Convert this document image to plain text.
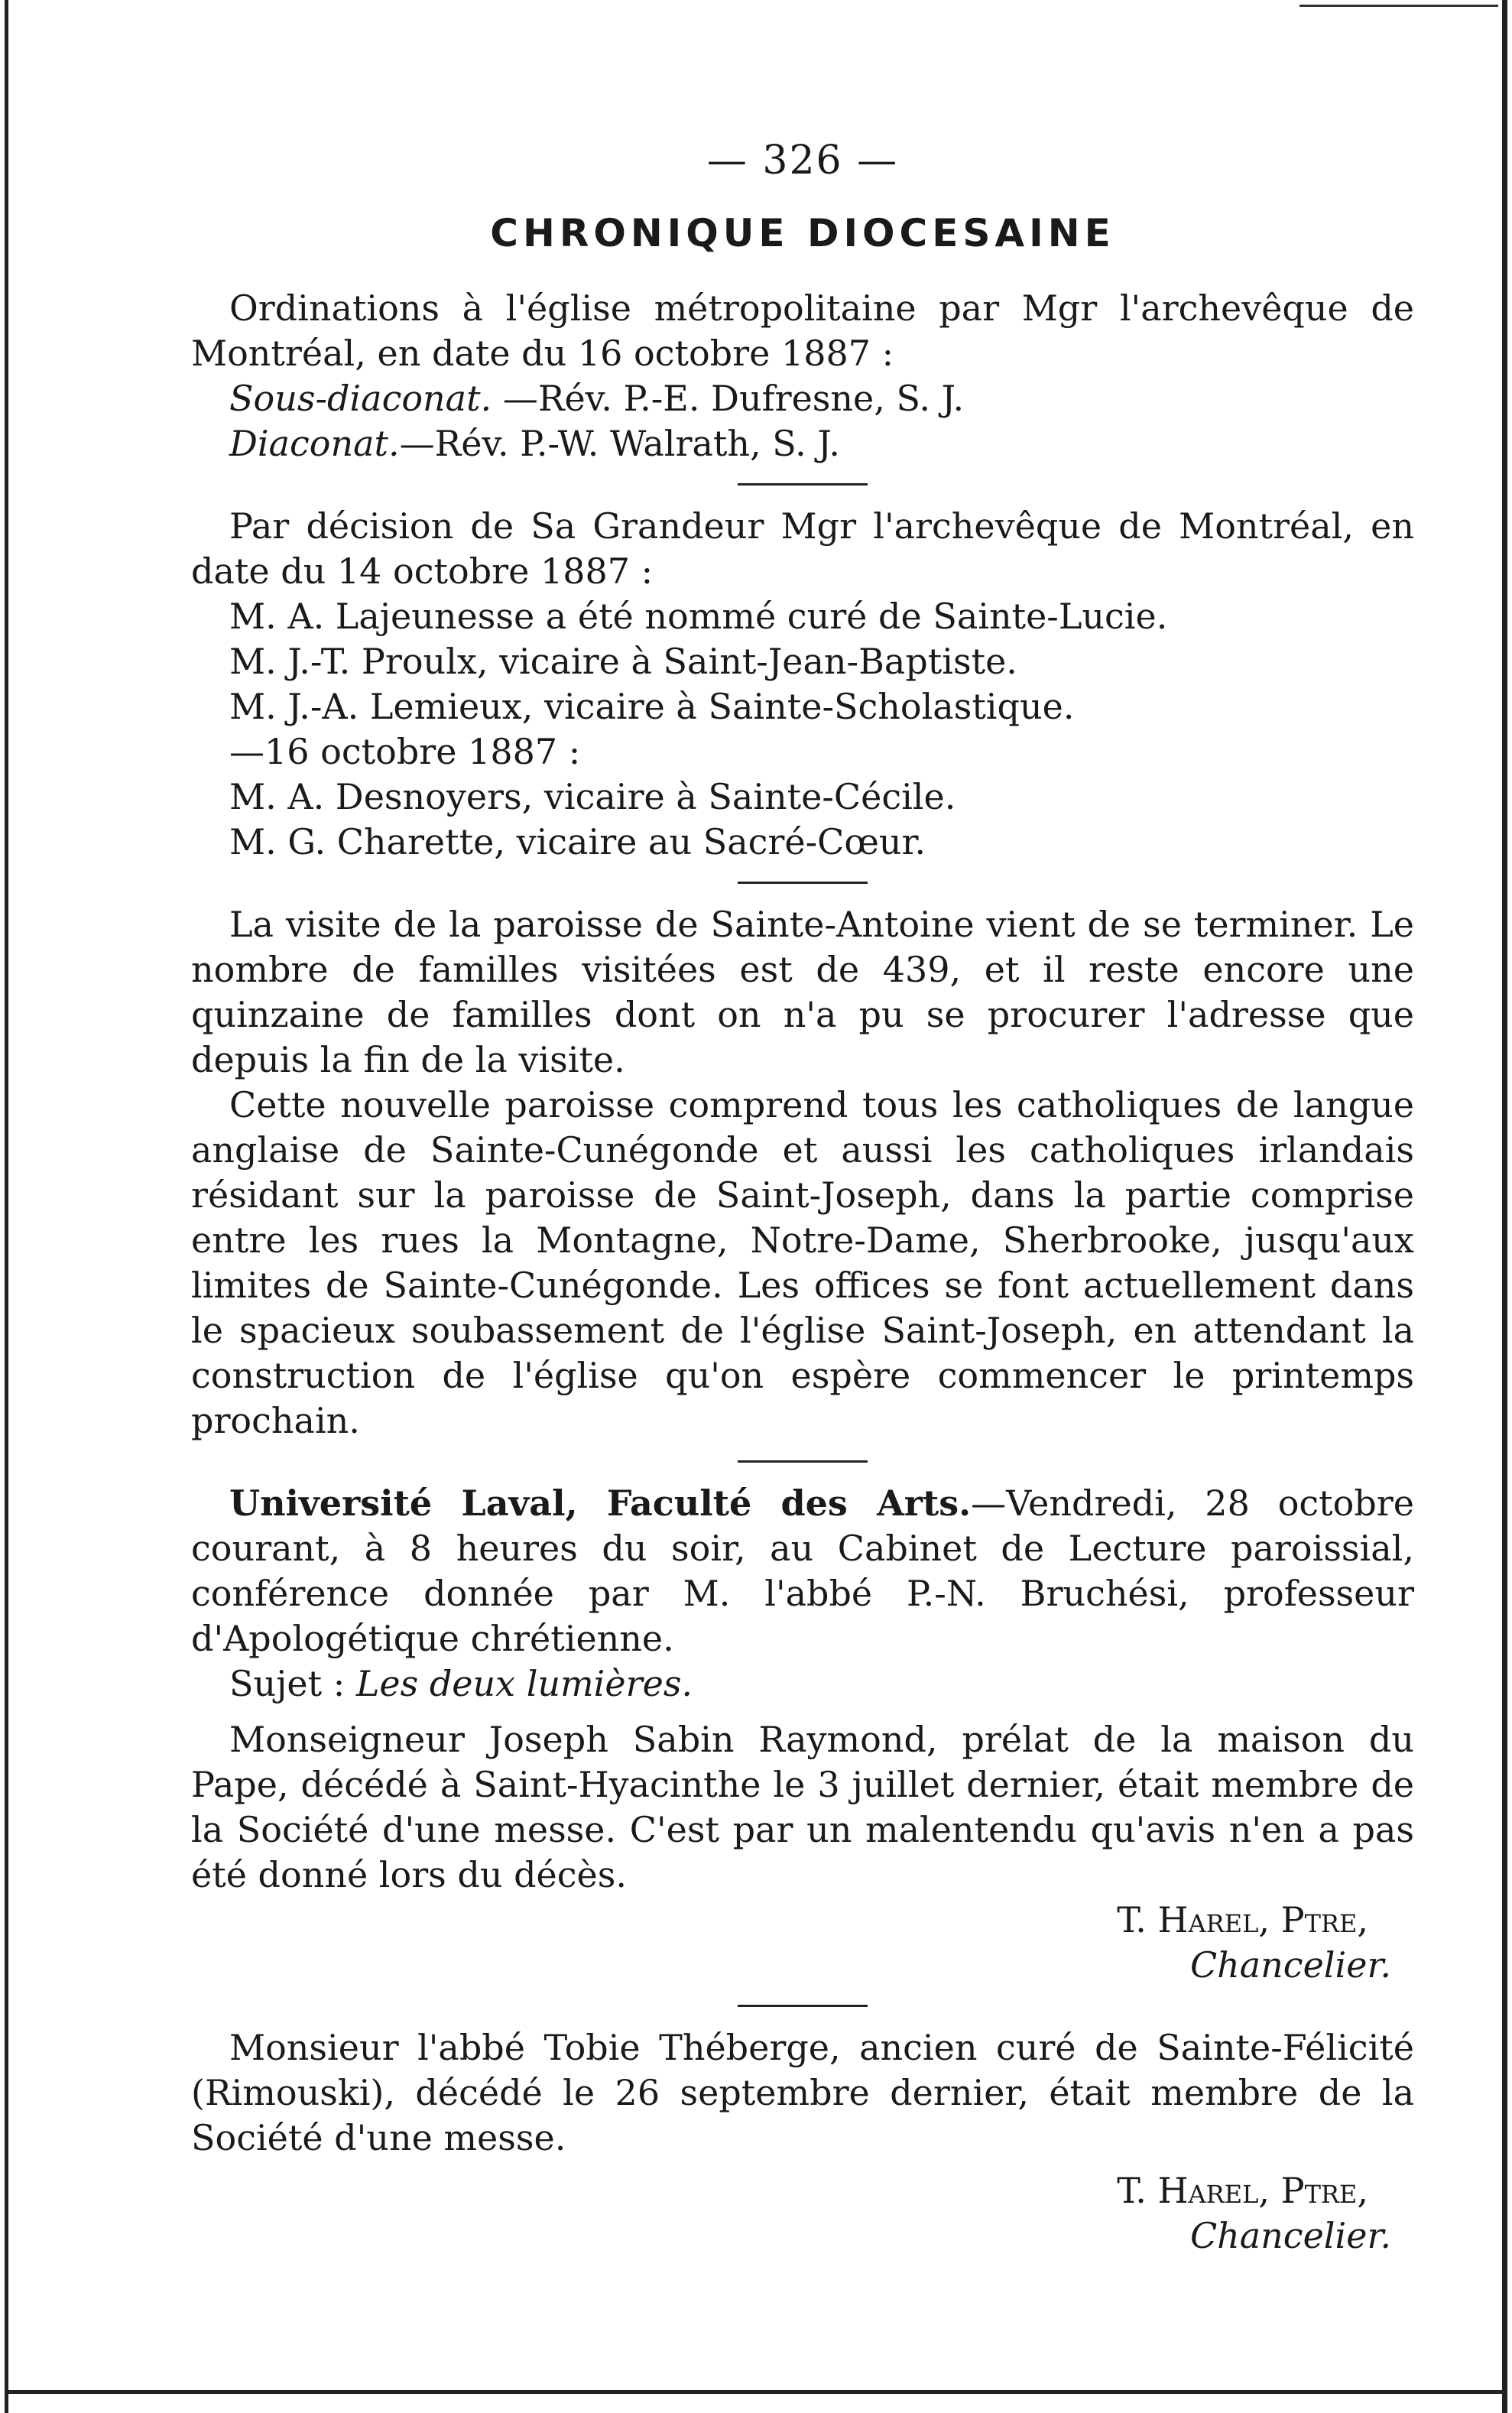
— 326 —
CHRONIQUE DIOCESAINE

Ordinations à l'église métropolitaine par Mgr l'archevêque de Montréal, en date du 16 octobre 1887 :

Sous-diaconat. —Rév. P.-E. Dufresne, S. J.

Diaconat.—Rév. P.-W. Walrath, S. J.

Par décision de Sa Grandeur Mgr l'archevêque de Montréal, en date du 14 octobre 1887 :

M. A. Lajeunesse a été nommé curé de Sainte-Lucie.

M. J.-T. Proulx, vicaire à Saint-Jean-Baptiste.

M. J.-A. Lemieux, vicaire à Sainte-Scholastique.

—16 octobre 1887 :

M. A. Desnoyers, vicaire à Sainte-Cécile.

M. G. Charette, vicaire au Sacré-Cœur.

La visite de la paroisse de Sainte-Antoine vient de se terminer. Le nombre de familles visitées est de 439, et il reste encore une quinzaine de familles dont on n'a pu se procurer l'adresse que depuis la fin de la visite.

Cette nouvelle paroisse comprend tous les catholiques de langue anglaise de Sainte-Cunégonde et aussi les catholiques irlandais résidant sur la paroisse de Saint-Joseph, dans la partie comprise entre les rues la Montagne, Notre-Dame, Sherbrooke, jusqu'aux limites de Sainte-Cunégonde. Les offices se font actuellement dans le spacieux soubassement de l'église Saint-Joseph, en attendant la construction de l'église qu'on espère commencer le printemps prochain.

Université Laval, Faculté des Arts.—Vendredi, 28 octobre courant, à 8 heures du soir, au Cabinet de Lecture paroissial, conférence donnée par M. l'abbé P.-N. Bruchési, professeur d'Apologétique chrétienne.

Sujet : Les deux lumières.

Monseigneur Joseph Sabin Raymond, prélat de la maison du Pape, décédé à Saint-Hyacinthe le 3 juillet dernier, était membre de la Société d'une messe. C'est par un malentendu qu'avis n'en a pas été donné lors du décès.

T. Harel, Ptre,
Chancelier.

Monsieur l'abbé Tobie Théberge, ancien curé de Sainte-Félicité (Rimouski), décédé le 26 septembre dernier, était membre de la Société d'une messe.

T. Harel, Ptre,
Chancelier.
